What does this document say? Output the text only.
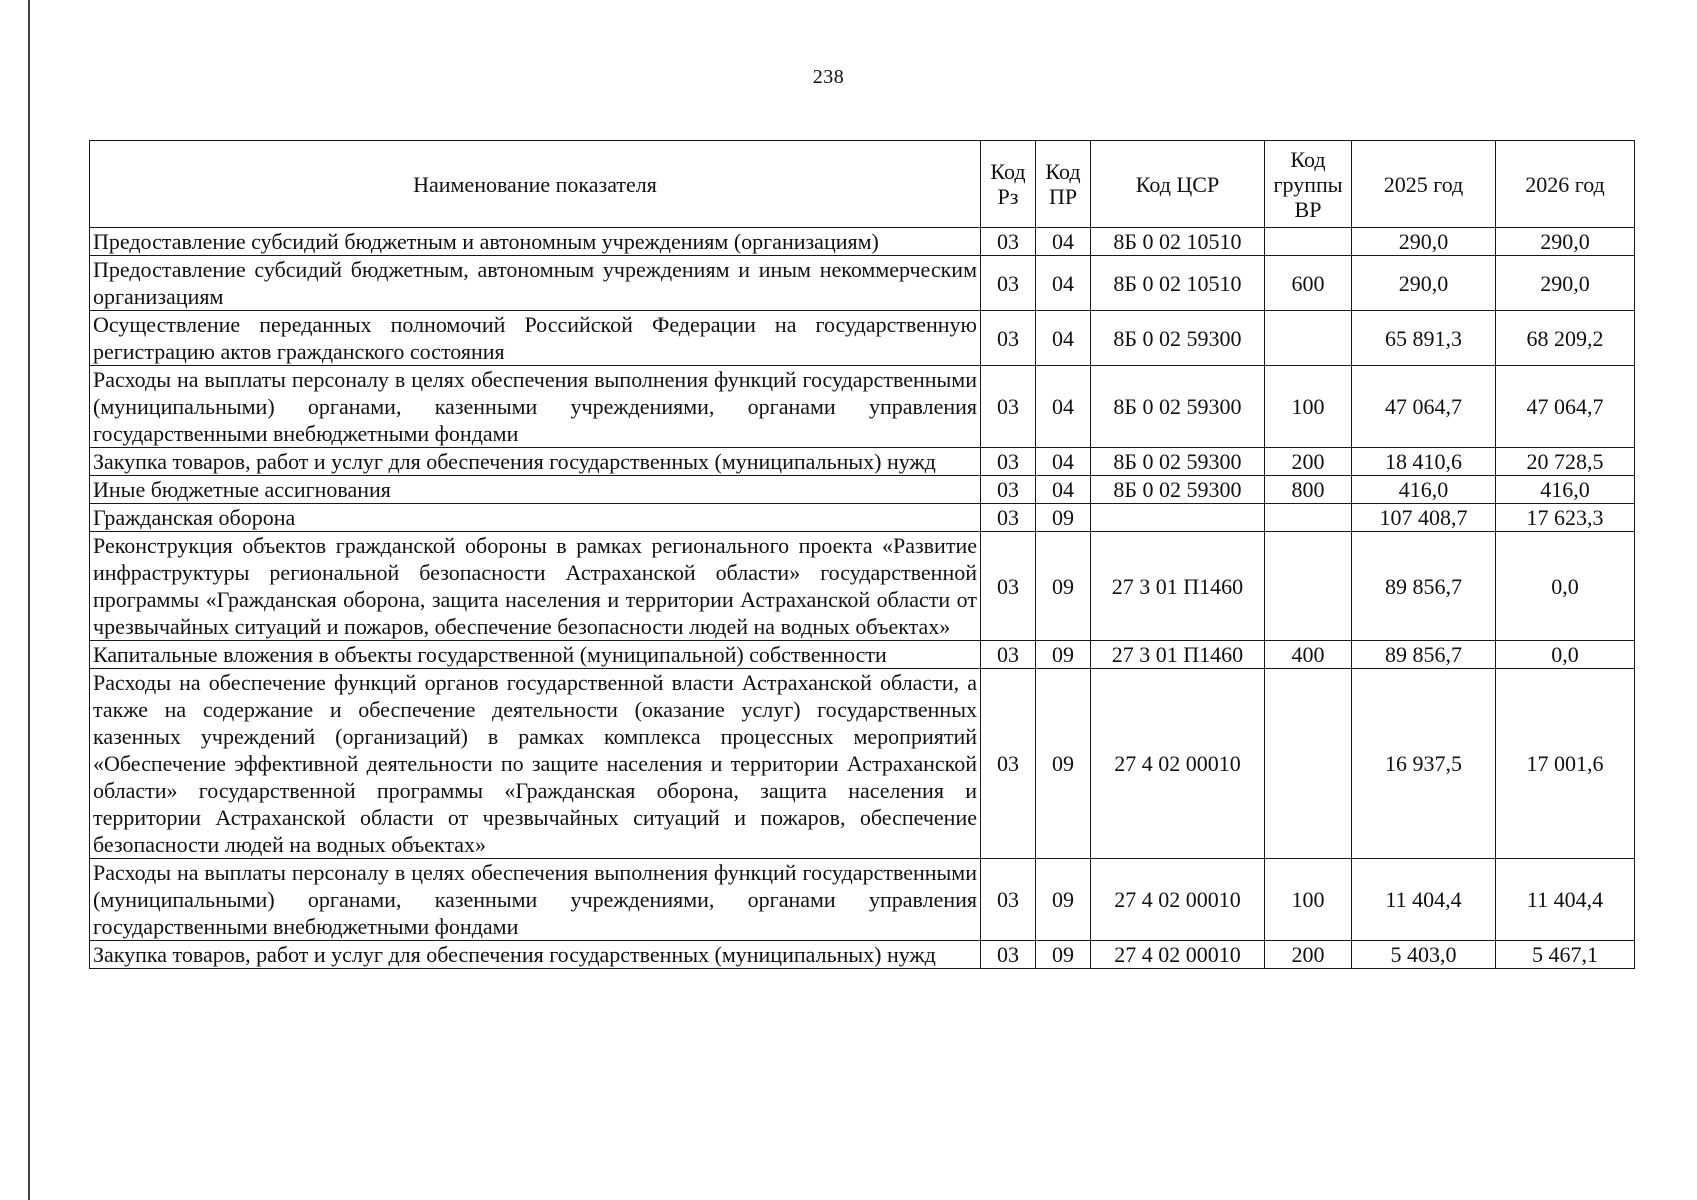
238
Наименование показателя	Код Рз	Код ПР	Код ЦСР	Код группы ВР	2025 год	2026 год
Предоставление субсидий бюджетным и автономным учреждениям (организациям)	03	04	8Б 0 02 10510		290,0	290,0
Предоставление субсидий бюджетным, автономным учреждениям и иным некоммерческим организациям	03	04	8Б 0 02 10510	600	290,0	290,0
Осуществление переданных полномочий Российской Федерации на государственную регистрацию актов гражданского состояния	03	04	8Б 0 02 59300		65 891,3	68 209,2
Расходы на выплаты персоналу в целях обеспечения выполнения функций государственными (муниципальными) органами, казенными учреждениями, органами управления государственными внебюджетными фондами	03	04	8Б 0 02 59300	100	47 064,7	47 064,7
Закупка товаров, работ и услуг для обеспечения государственных (муниципальных) нужд	03	04	8Б 0 02 59300	200	18 410,6	20 728,5
Иные бюджетные ассигнования	03	04	8Б 0 02 59300	800	416,0	416,0
Гражданская оборона	03	09			107 408,7	17 623,3
Реконструкция объектов гражданской обороны в рамках регионального проекта «Развитие инфраструктуры региональной безопасности Астраханской области» государственной программы «Гражданская оборона, защита населения и территории Астраханской области от чрезвычайных ситуаций и пожаров, обеспечение безопасности людей на водных объектах»	03	09	27 3 01 П1460		89 856,7	0,0
Капитальные вложения в объекты государственной (муниципальной) собственности	03	09	27 3 01 П1460	400	89 856,7	0,0
Расходы на обеспечение функций органов государственной власти Астраханской области, а также на содержание и обеспечение деятельности (оказание услуг) государственных казенных учреждений (организаций) в рамках комплекса процессных мероприятий «Обеспечение эффективной деятельности по защите населения и территории Астраханской области» государственной программы «Гражданская оборона, защита населения и территории Астраханской области от чрезвычайных ситуаций и пожаров, обеспечение безопасности людей на водных объектах»	03	09	27 4 02 00010		16 937,5	17 001,6
Расходы на выплаты персоналу в целях обеспечения выполнения функций государственными (муниципальными) органами, казенными учреждениями, органами управления государственными внебюджетными фондами	03	09	27 4 02 00010	100	11 404,4	11 404,4
Закупка товаров, работ и услуг для обеспечения государственных (муниципальных) нужд	03	09	27 4 02 00010	200	5 403,0	5 467,1
